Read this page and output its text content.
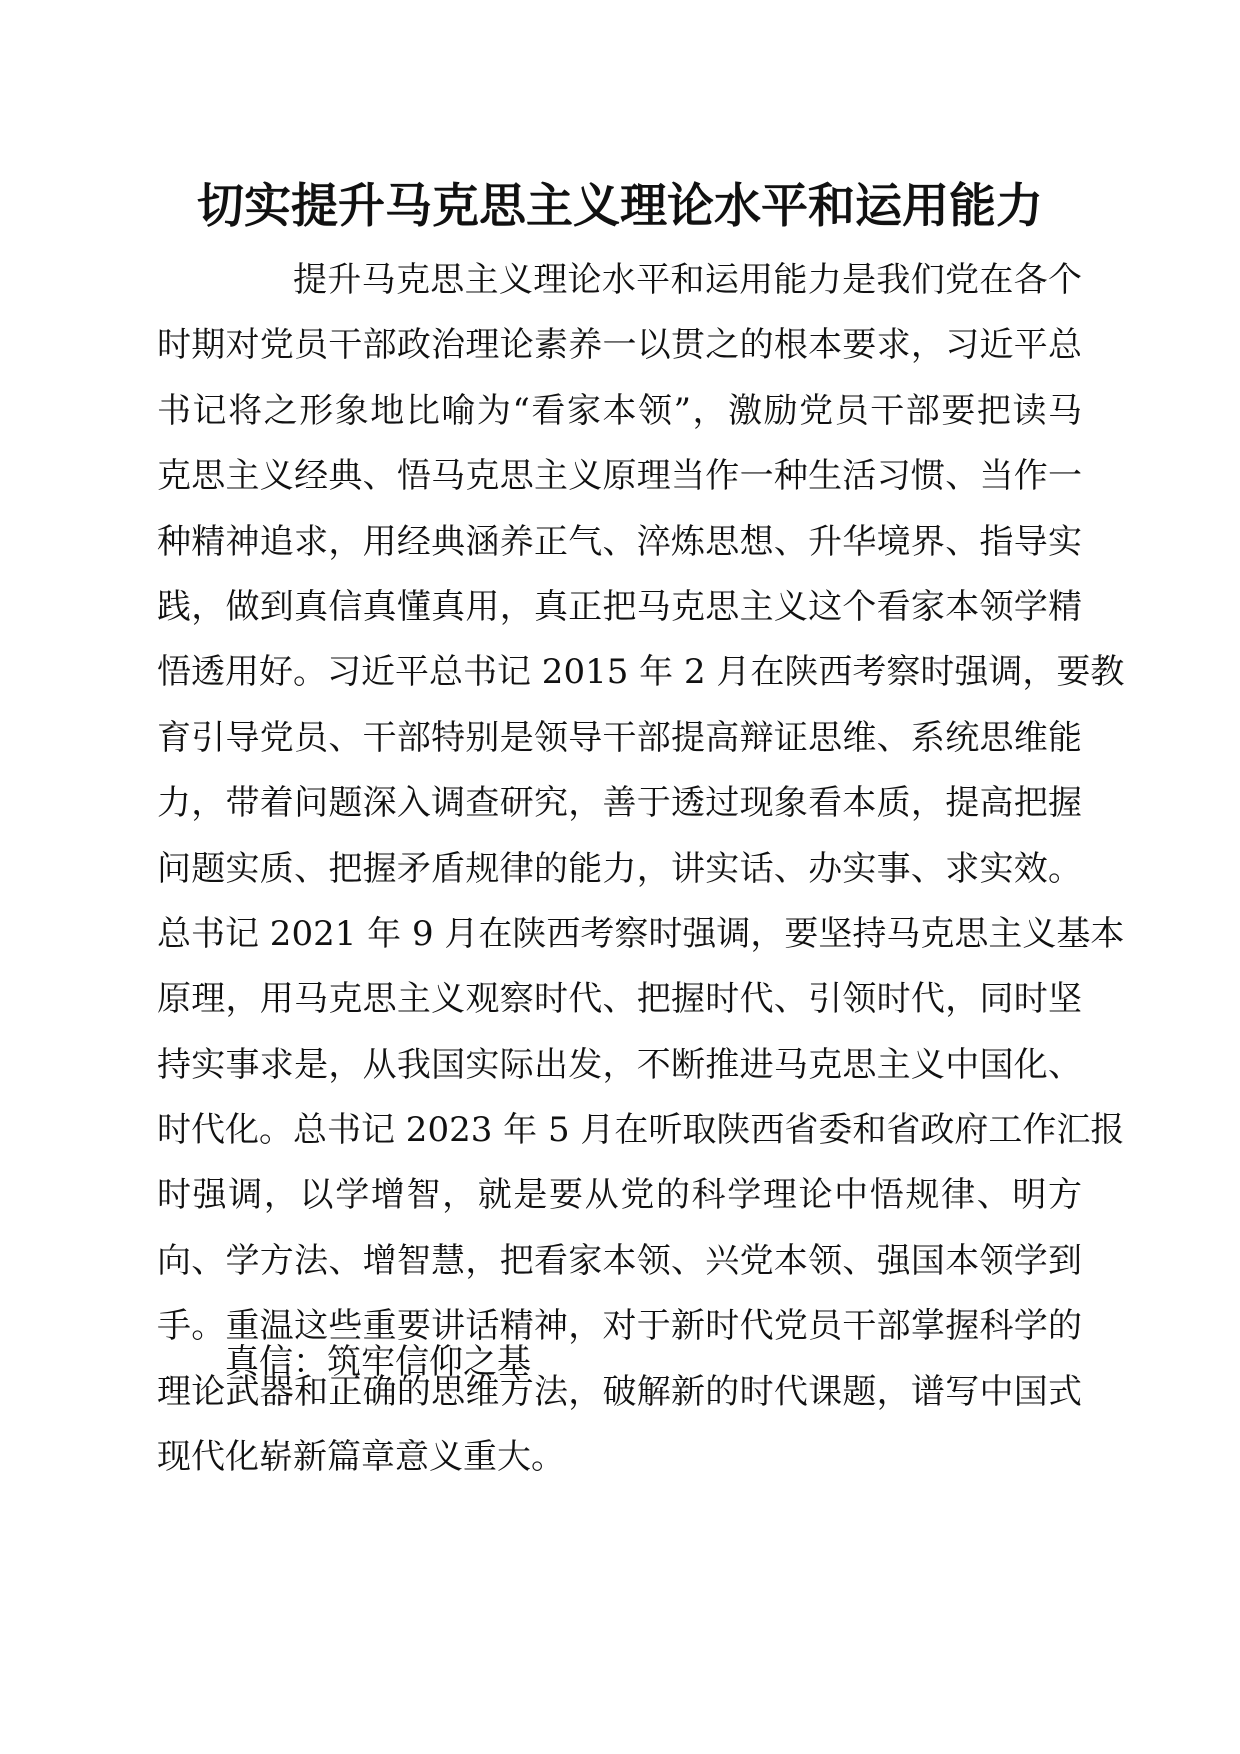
切实提升马克思主义理论水平和运用能力
提升马克思主义理论水平和运用能力是我们党在各个
时期对党员干部政治理论素养一以贯之的根本要求，习近平总
书记将之形象地比喻为“看家本领”，激励党员干部要把读马
克思主义经典、悟马克思主义原理当作一种生活习惯、当作一
种精神追求，用经典涵养正气、淬炼思想、升华境界、指导实
践，做到真信真懂真用，真正把马克思主义这个看家本领学精
悟透用好。习近平总书记 2015 年 2 月在陕西考察时强调，要教
育引导党员、干部特别是领导干部提高辩证思维、系统思维能
力，带着问题深入调查研究，善于透过现象看本质，提高把握
问题实质、把握矛盾规律的能力，讲实话、办实事、求实效。
总书记 2021 年 9 月在陕西考察时强调，要坚持马克思主义基本
原理，用马克思主义观察时代、把握时代、引领时代，同时坚
持实事求是，从我国实际出发，不断推进马克思主义中国化、
时代化。总书记 2023 年 5 月在听取陕西省委和省政府工作汇报
时强调，以学增智，就是要从党的科学理论中悟规律、明方
向、学方法、增智慧，把看家本领、兴党本领、强国本领学到
手。重温这些重要讲话精神，对于新时代党员干部掌握科学的
理论武器和正确的思维方法，破解新的时代课题，谱写中国式
现代化崭新篇章意义重大。
真信：筑牢信仰之基
